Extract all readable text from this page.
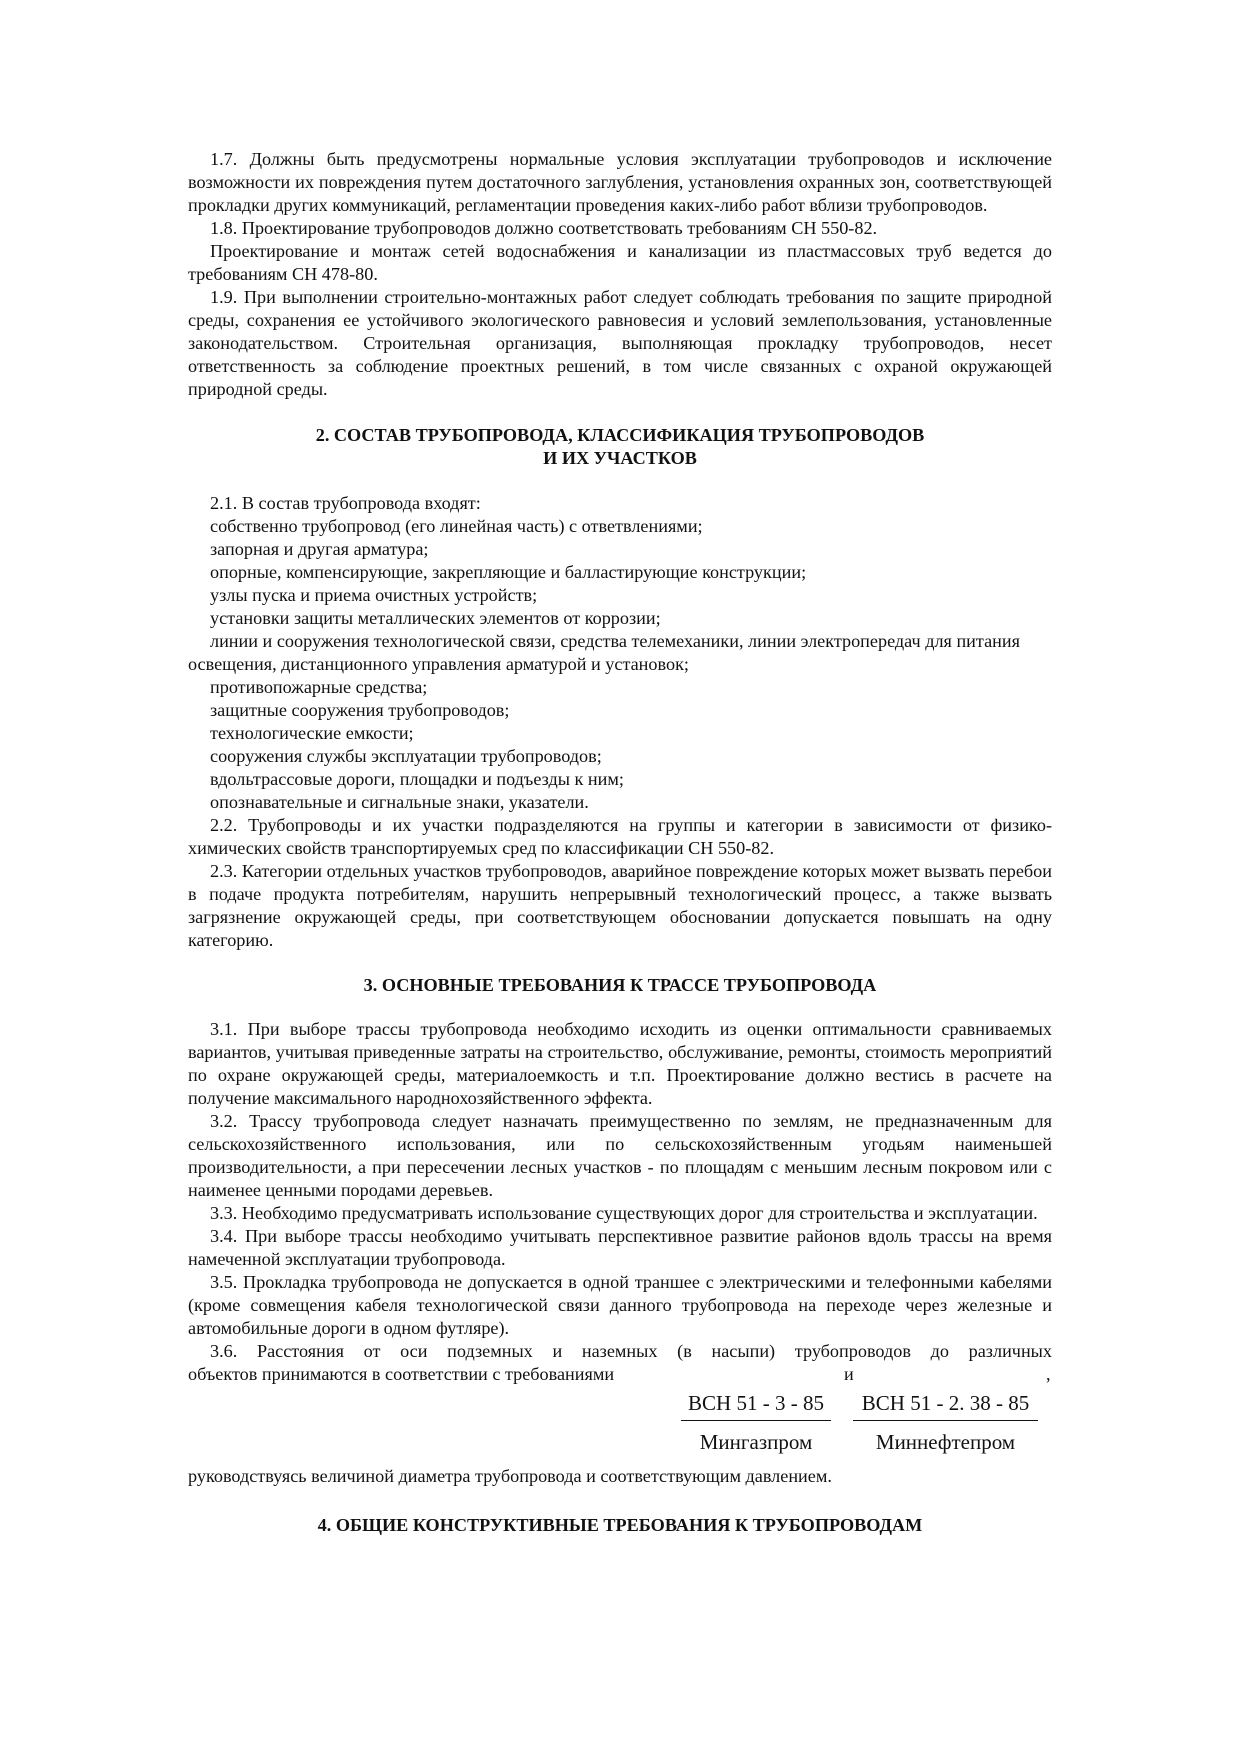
1.7. Должны быть предусмотрены нормальные условия эксплуатации трубопроводов и исключение возможности их повреждения путем достаточного заглубления, установления охранных зон, соответствующей прокладки других коммуникаций, регламентации проведения каких-либо работ вблизи трубопроводов.

1.8. Проектирование трубопроводов должно соответствовать требованиям СН 550-82.

Проектирование и монтаж сетей водоснабжения и канализации из пластмассовых труб ведется до требованиям СН 478-80.

1.9. При выполнении строительно-монтажных работ следует соблюдать требования по защите природной среды, сохранения ее устойчивого экологического равновесия и условий землепользования, установленные законодательством. Строительная организация, выполняющая прокладку трубопроводов, несет ответственность за соблюдение проектных решений, в том числе связанных с охраной окружающей природной среды.

2. СОСТАВ ТРУБОПРОВОДА, КЛАССИФИКАЦИЯ ТРУБОПРОВОДОВ
И ИХ УЧАСТКОВ

2.1. В состав трубопровода входят:

собственно трубопровод (его линейная часть) с ответвлениями;

запорная и другая арматура;

опорные, компенсирующие, закрепляющие и балластирующие конструкции;

узлы пуска и приема очистных устройств;

установки защиты металлических элементов от коррозии;

линии и сооружения технологической связи, средства телемеханики, линии электропередач для питания освещения, дистанционного управления арматурой и установок;

противопожарные средства;

защитные сооружения трубопроводов;

технологические емкости;

сооружения службы эксплуатации трубопроводов;

вдольтрассовые дороги, площадки и подъезды к ним;

опознавательные и сигнальные знаки, указатели.

2.2. Трубопроводы и их участки подразделяются на группы и категории в зависимости от физико-химических свойств транспортируемых сред по классификации СН 550-82.

2.3. Категории отдельных участков трубопроводов, аварийное повреждение которых может вызвать перебои в подаче продукта потребителям, нарушить непрерывный технологический процесс, а также вызвать загрязнение окружающей среды, при соответствующем обосновании допускается повышать на одну категорию.

3. ОСНОВНЫЕ ТРЕБОВАНИЯ К ТРАССЕ ТРУБОПРОВОДА

3.1. При выборе трассы трубопровода необходимо исходить из оценки оптимальности сравниваемых вариантов, учитывая приведенные затраты на строительство, обслуживание, ремонты, стоимость мероприятий по охране окружающей среды, материалоемкость и т.п. Проектирование должно вестись в расчете на получение максимального народнохозяйственного эффекта.

3.2. Трассу трубопровода следует назначать преимущественно по землям, не предназначенным для сельскохозяйственного использования, или по сельскохозяйственным угодьям наименьшей производительности, а при пересечении лесных участков - по площадям с меньшим лесным покровом или с наименее ценными породами деревьев.

3.3. Необходимо предусматривать использование существующих дорог для строительства и эксплуатации.

3.4. При выборе трассы необходимо учитывать перспективное развитие районов вдоль трассы на время намеченной эксплуатации трубопровода.

3.5. Прокладка трубопровода не допускается в одной траншее с электрическими и телефонными кабелями (кроме совмещения кабеля технологической связи данного трубопровода на переходе через железные и автомобильные дороги в одном футляре).

3.6. Расстояния от оси подземных и наземных (в насыпи) трубопроводов до различных

объектов принимаются в соответствии с требованиями	и	,

ВСН 51 - 3 - 85
Мингазпром
ВСН 51 - 2. 38 - 85
Миннефтепром

руководствуясь величиной диаметра трубопровода и соответствующим давлением.

4. ОБЩИЕ КОНСТРУКТИВНЫЕ ТРЕБОВАНИЯ К ТРУБОПРОВОДАМ
